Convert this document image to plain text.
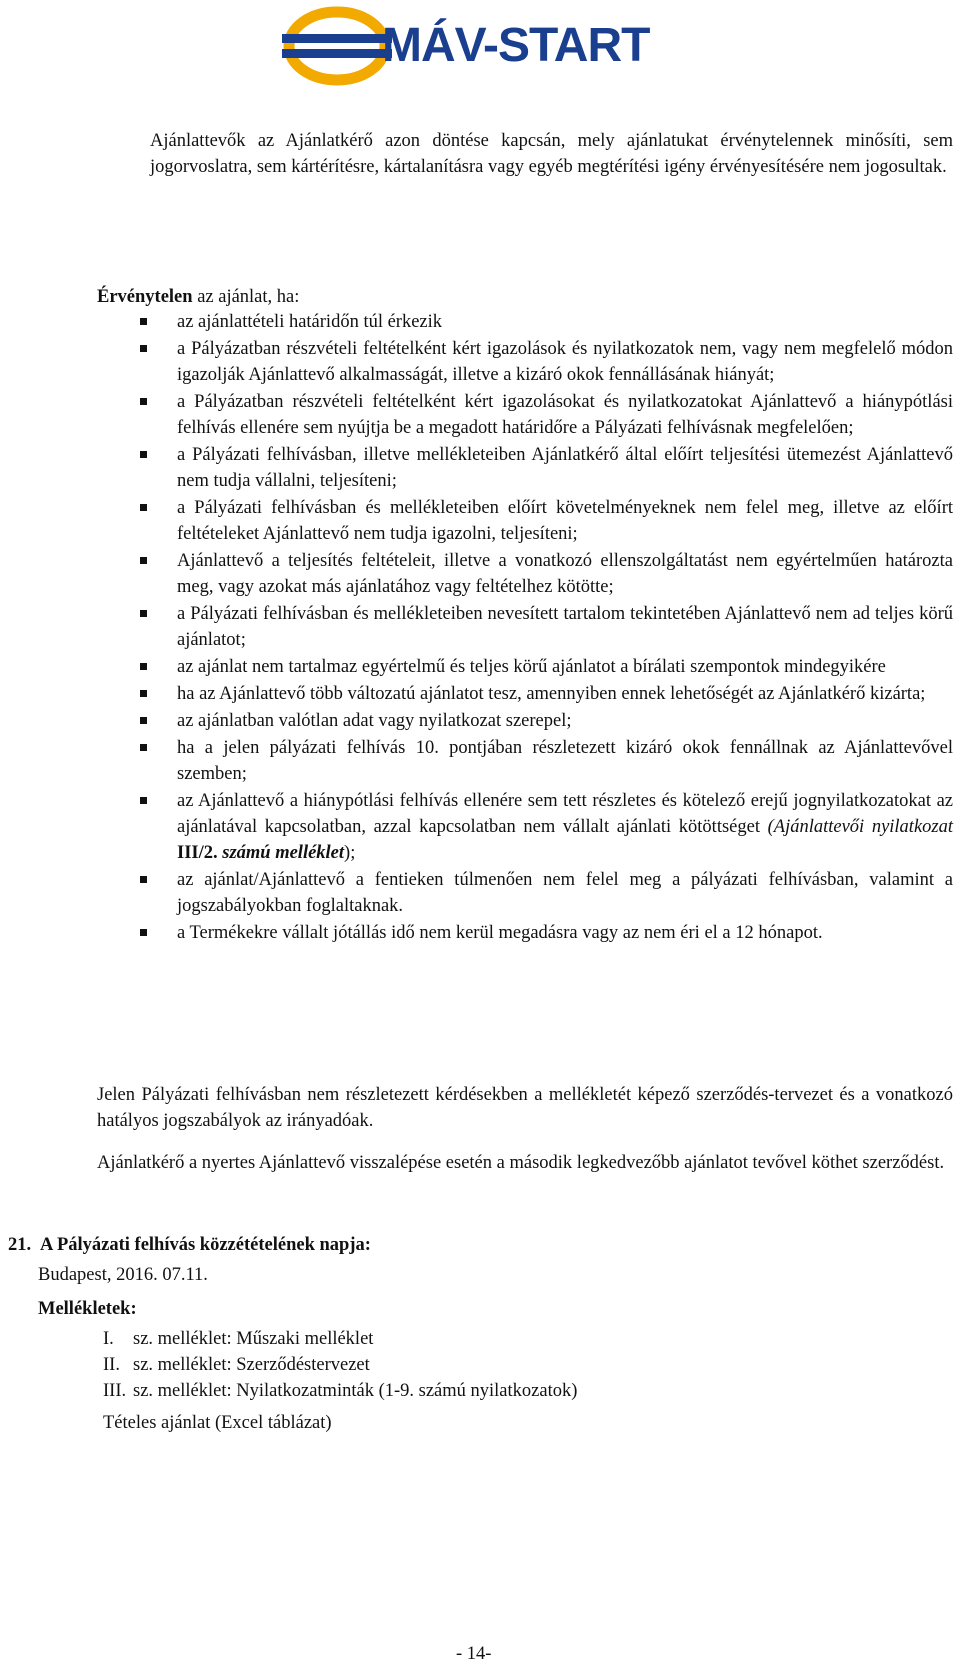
MÁV-START
Ajánlattevők az Ajánlatkérő azon döntése kapcsán, mely ajánlatukat érvénytelennek minősíti, sem jogorvoslatra, sem kártérítésre, kártalanításra vagy egyéb megtérítési igény érvényesítésére nem jogosultak.
Érvénytelen az ajánlat, ha:
az ajánlattételi határidőn túl érkezik
a Pályázatban részvételi feltételként kért igazolások és nyilatkozatok nem, vagy nem megfelelő módon igazolják Ajánlattevő alkalmasságát, illetve a kizáró okok fennállásának hiányát;
a Pályázatban részvételi feltételként kért igazolásokat és nyilatkozatokat Ajánlattevő a hiánypótlási felhívás ellenére sem nyújtja be a megadott határidőre a Pályázati felhívásnak megfelelően;
a Pályázati felhívásban, illetve mellékleteiben Ajánlatkérő által előírt teljesítési ütemezést Ajánlattevő nem tudja vállalni, teljesíteni;
a Pályázati felhívásban és mellékleteiben előírt követelményeknek nem felel meg, illetve az előírt feltételeket Ajánlattevő nem tudja igazolni, teljesíteni;
Ajánlattevő a teljesítés feltételeit, illetve a vonatkozó ellenszolgáltatást nem egyértelműen határozta meg, vagy azokat más ajánlatához vagy feltételhez kötötte;
a Pályázati felhívásban és mellékleteiben nevesített tartalom tekintetében Ajánlattevő nem ad teljes körű ajánlatot;
az ajánlat nem tartalmaz egyértelmű és teljes körű ajánlatot a bírálati szempontok mindegyikére
ha az Ajánlattevő több változatú ajánlatot tesz, amennyiben ennek lehetőségét az Ajánlatkérő kizárta;
az ajánlatban valótlan adat vagy nyilatkozat szerepel;
ha a jelen pályázati felhívás 10. pontjában részletezett kizáró okok fennállnak az Ajánlattevővel szemben;
az Ajánlattevő a hiánypótlási felhívás ellenére sem tett részletes és kötelező erejű jognyilatkozatokat az ajánlatával kapcsolatban, azzal kapcsolatban nem vállalt ajánlati kötöttséget (Ajánlattevői nyilatkozat III/2. számú melléklet);
az ajánlat/Ajánlattevő a fentieken túlmenően nem felel meg a pályázati felhívásban, valamint a jogszabályokban foglaltaknak.
a Termékekre vállalt jótállás idő nem kerül megadásra vagy az nem éri el a 12 hónapot.
Jelen Pályázati felhívásban nem részletezett kérdésekben a mellékletét képező szerződés-tervezet és a vonatkozó hatályos jogszabályok az irányadóak.
Ajánlatkérő a nyertes Ajánlattevő visszalépése esetén a második legkedvezőbb ajánlatot tevővel köthet szerződést.
21. A Pályázati felhívás közzétételének napja:
Budapest, 2016. 07.11.
Mellékletek:
I. sz. melléklet: Műszaki melléklet
II. sz. melléklet: Szerződéstervezet
III. sz. melléklet: Nyilatkozatminták (1-9. számú nyilatkozatok)
Tételes ajánlat (Excel táblázat)
- 14-
